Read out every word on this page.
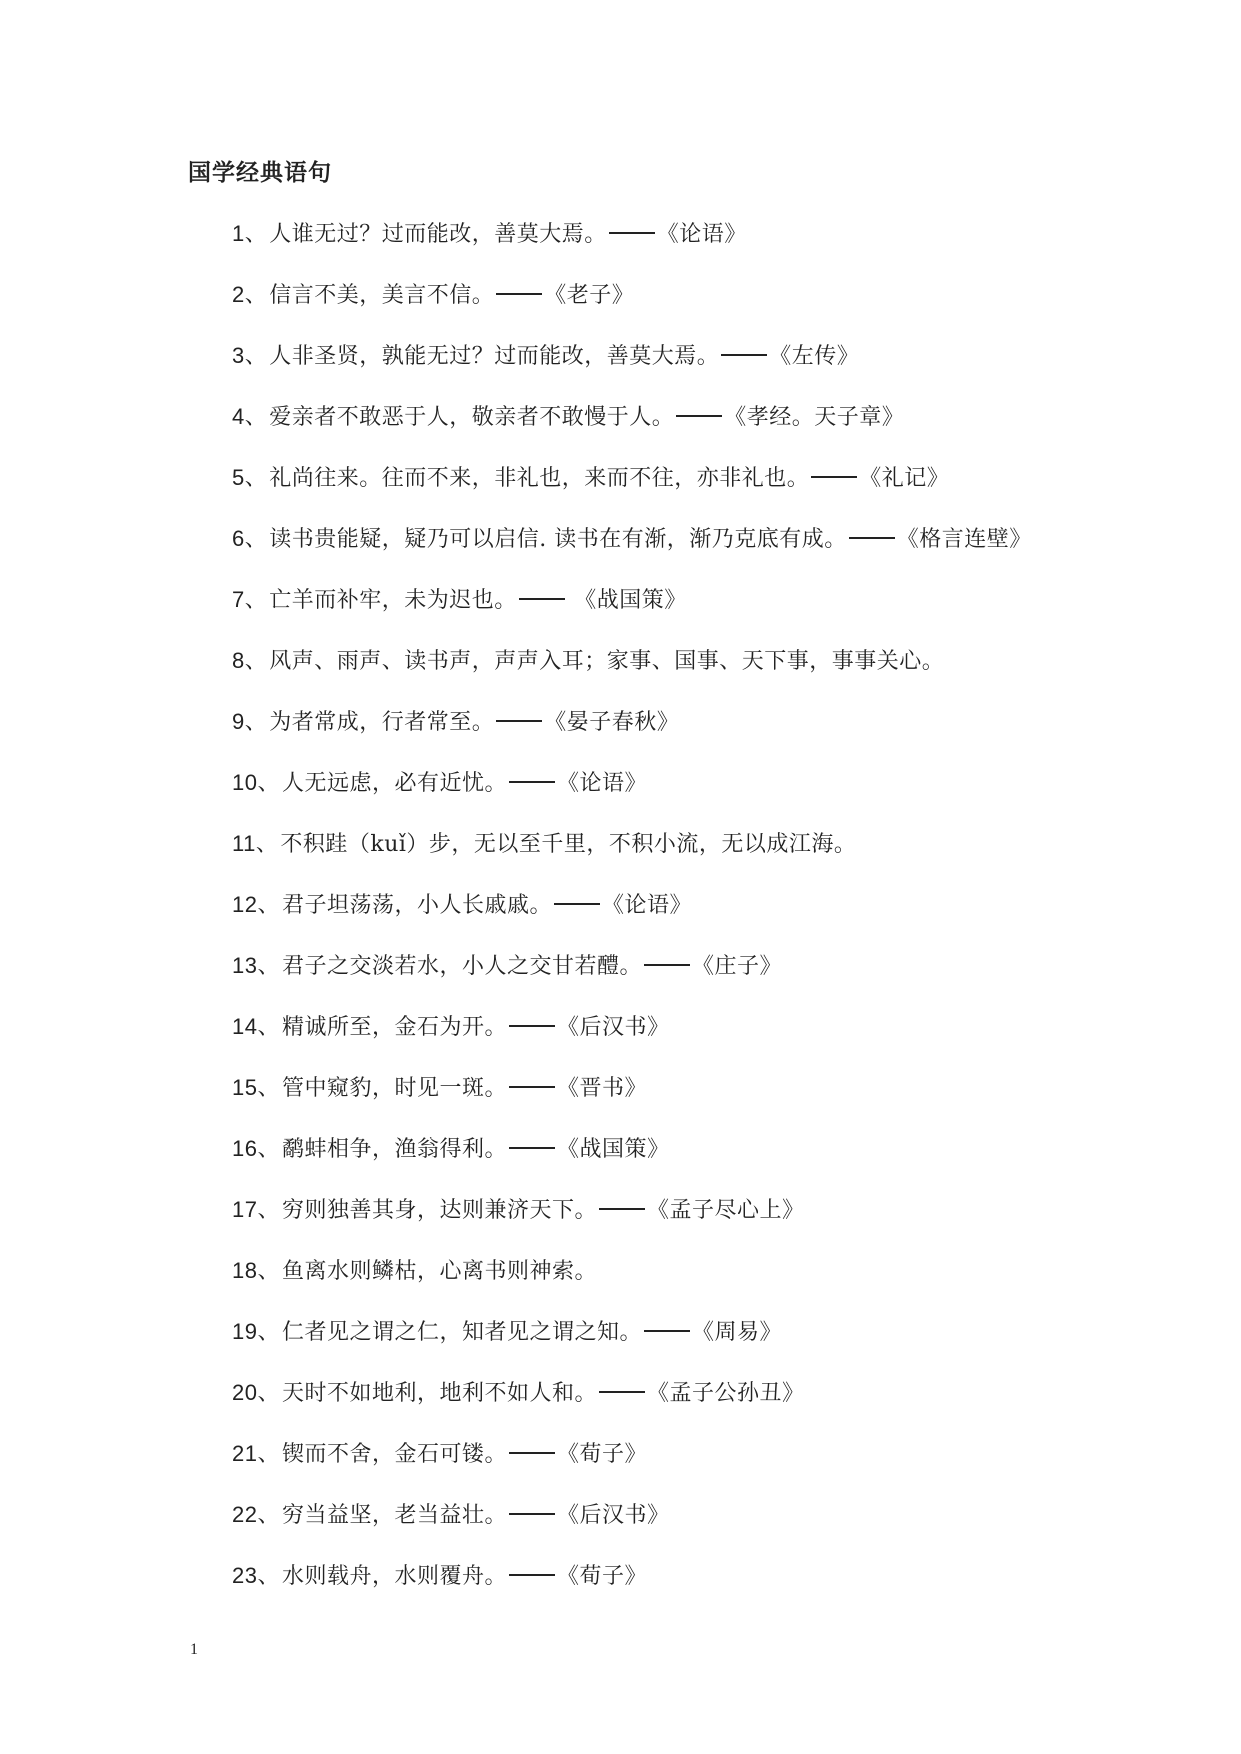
国学经典语句
1、人谁无过？过而能改，善莫大焉。 《论语》
2、信言不美，美言不信。 《老子》
3、人非圣贤，孰能无过？过而能改，善莫大焉。 《左传》
4、爱亲者不敢恶于人，敬亲者不敢慢于人。 《孝经。天子章》
5、礼尚往来。往而不来，非礼也，来而不往，亦非礼也。 《礼记》
6、读书贵能疑，疑乃可以启信. 读书在有渐，渐乃克底有成。 《格言连壁》
7、亡羊而补牢，未为迟也。 《战国策》
8、风声、雨声、读书声，声声入耳；家事、国事、天下事，事事关心。
9、为者常成，行者常至。 《晏子春秋》
10、人无远虑，必有近忧。 《论语》
11、不积跬（kuǐ）步，无以至千里，不积小流，无以成江海。
12、君子坦荡荡，小人长戚戚。 《论语》
13、君子之交淡若水，小人之交甘若醴。 《庄子》
14、精诚所至，金石为开。 《后汉书》
15、管中窥豹，时见一斑。 《晋书》
16、鹬蚌相争，渔翁得利。 《战国策》
17、穷则独善其身，达则兼济天下。 《孟子尽心上》
18、鱼离水则鳞枯，心离书则神索。
19、仁者见之谓之仁，知者见之谓之知。 《周易》
20、天时不如地利，地利不如人和。 《孟子公孙丑》
21、锲而不舍，金石可镂。 《荀子》
22、穷当益坚，老当益壮。 《后汉书》
23、水则载舟，水则覆舟。 《荀子》
1
